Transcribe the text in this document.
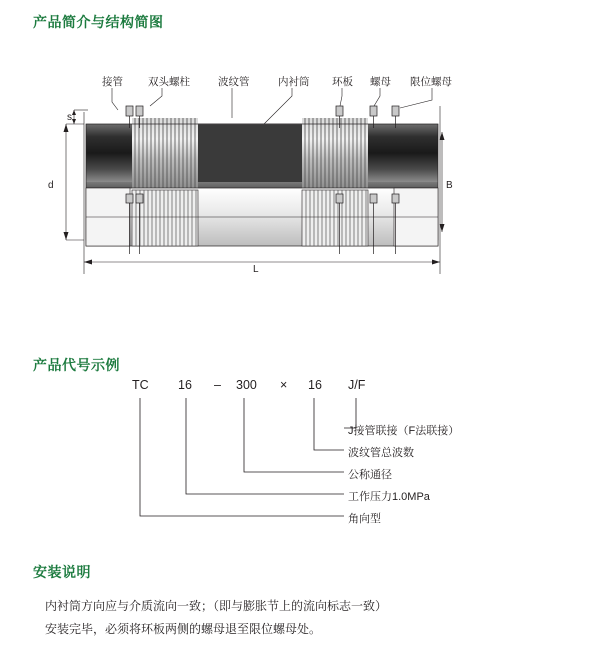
产品简介与结构简图
接管 双头螺柱	波纹管	内衬筒 环板 螺母 限位螺母
s
d	B
L
产品代号示例
TC 16 – 300 × 16 J/F
J接管联接（F法联接）
波纹管总波数
公称通径
工作压力1.0MPa
角向型
安装说明

内衬筒方向应与介质流向一致；（即与膨胀节上的流向标志一致）

安装完毕，必须将环板两侧的螺母退至限位螺母处。
